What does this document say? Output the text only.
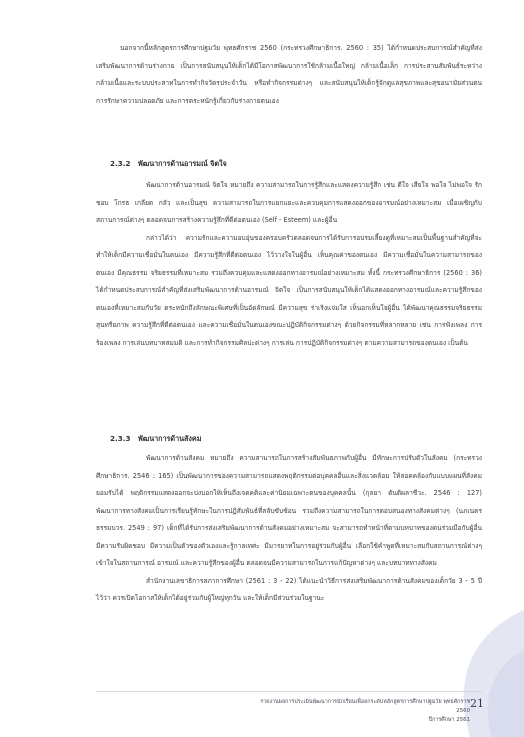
นอกจากนี้หลักสูตรการศึกษาปฐมวัย พุทธศักราช 2560 (กระทรวงศึกษาธิการ. 2560 : 35) ได้กำหนดประสบการณ์สำคัญที่ส่งเสริมพัฒนาการด้านร่างกาย เป็นการสนับสนุนให้เด็กได้มีโอกาสพัฒนาการใช้กล้ามเนื้อใหญ่ กล้ามเนื้อเล็ก การประสานสัมพันธ์ระหว่างกล้ามเนื้อและระบบประสาทในการทำกิจวัตรประจำวัน หรือทำกิจกรรมต่างๆ และสนับสนุนให้เด็กรู้จักดูแลสุขภาพและสุขอนามัยส่วนตน การรักษาความปลอดภัย และการตระหนักรู้เกี่ยวกับร่างกายตนเอง

2.3.2 พัฒนาการด้านอารมณ์ จิตใจ

พัฒนาการด้านอารมณ์ จิตใจ หมายถึง ความสามารถในการรู้สึกและแสดงความรู้สึก เช่น ดีใจ เสียใจ พอใจ ไม่พอใจ รัก ชอบ โกรธ เกลียด กลัว และเป็นสุข ความสามารถในการแยกแยะและควบคุมการแสดงออกของอารมณ์อย่างเหมาะสม เมื่อเผชิญกับสถานการณ์ต่างๆ ตลอดจนการสร้างความรู้สึกที่ดีต่อตนเอง (Self - Esteem) และผู้อื่น

กล่าวได้ว่า ความรักและความอบอุ่นของครอบครัวตลอดจนการได้รับการอบรมเลี้ยงดูที่เหมาะสมเป็นพื้นฐานสำคัญที่จะทำให้เด็กมีความเชื่อมั่นในตนเอง มีความรู้สึกที่ดีต่อตนเอง ไว้วางใจในผู้อื่น เห็นคุณค่าของตนเอง มีความเชื่อมั่นในความสามารถของตนเอง มีคุณธรรม จริยธรรมที่เหมาะสม รวมถึงควบคุมและแสดงออกทางอารมณ์อย่างเหมาะสม ทั้งนี้ กระทรวงศึกษาธิการ (2560 : 36) ได้กำหนดประสบการณ์สำคัญที่ส่งเสริมพัฒนาการด้านอารมณ์ จิตใจ เป็นการสนับสนุนให้เด็กได้แสดงออกทางอารมณ์และความรู้สึกของตนเองที่เหมาะสมกับวัย ตระหนักถึงลักษณะพิเศษที่เป็นอัตลักษณ์ มีความสุข ร่าเริงแจ่มใส เห็นอกเห็นใจผู้อื่น ได้พัฒนาคุณธรรมจริยธรรม สุนทรียภาพ ความรู้สึกที่ดีต่อตนเอง และความเชื่อมั่นในตนเองขณะปฏิบัติกิจกรรมต่างๆ ด้วยกิจกรรมที่หลากหลาย เช่น การฟังเพลง การร้องเพลง การเล่นบทบาทสมมติ และการทำกิจกรรมศิลปะต่างๆ การเล่น การปฏิบัติกิจกรรมต่างๆ ตามความสามารถของตนเอง เป็นต้น

2.3.3 พัฒนาการด้านสังคม

พัฒนาการด้านสังคม หมายถึง ความสามารถในการสร้างสัมพันธภาพกับผู้อื่น มีทักษะการปรับตัวในสังคม (กระทรวงศึกษาธิการ. 2546 : 165) เป็นพัฒนาการของความสามารถแสดงพฤติกรรมต่อบุคคลอื่นและสิ่งแวดล้อม ให้สอดคล้องกับแบบแผนที่สังคมยอมรับได้ พฤติกรรมแสดงออกจะบ่งบอกให้เห็นถึงเจตคติและค่านิยมเฉพาะตนของบุคคลนั้น (กุลยา ตันติผลาชีวะ. 2546 : 127) พัฒนาการทางสังคมเป็นการเรียนรู้ทักษะในการปฏิสัมพันธ์ที่สลับซับซ้อน รวมถึงความสามารถในการตอบสนองทางสังคมต่างๆ (นภเนตร ธรรมบวร. 2549 : 97) เด็กที่ได้รับการส่งเสริมพัฒนาการด้านสังคมอย่างเหมาะสม จะสามารถทำหน้าที่ตามบทบาทของตนร่วมมือกับผู้อื่น มีความรับผิดชอบ มีความเป็นตัวของตัวเองและรู้กาลเทศะ มีมารยาทในการอยู่ร่วมกับผู้อื่น เลือกใช้คำพูดที่เหมาะสมกับสถานการณ์ต่างๆ เข้าใจในสถานการณ์ อารมณ์ และความรู้สึกของผู้อื่น ตลอดจนมีความสามารถในการแก้ปัญหาต่างๆ และบทบาททางสังคม

สำนักงานเลขาธิการสภาการศึกษา (2561 : 3 - 22) ได้แนะนำวิธีการส่งเสริมพัฒนาการด้านสังคมของเด็กวัย 3 - 5 ปี ไว้ว่า ควรเปิดโอกาสให้เด็กได้อยู่ร่วมกับผู้ใหญ่ทุกวัน และให้เด็กมีส่วนร่วมในฐานะ

รายงานผลการประเมินพัฒนาการนักเรียนเพื่อยกระดับหลักสูตรการศึกษาปฐมวัย พุทธศักราช 2560
ปีการศึกษา 2561
21
